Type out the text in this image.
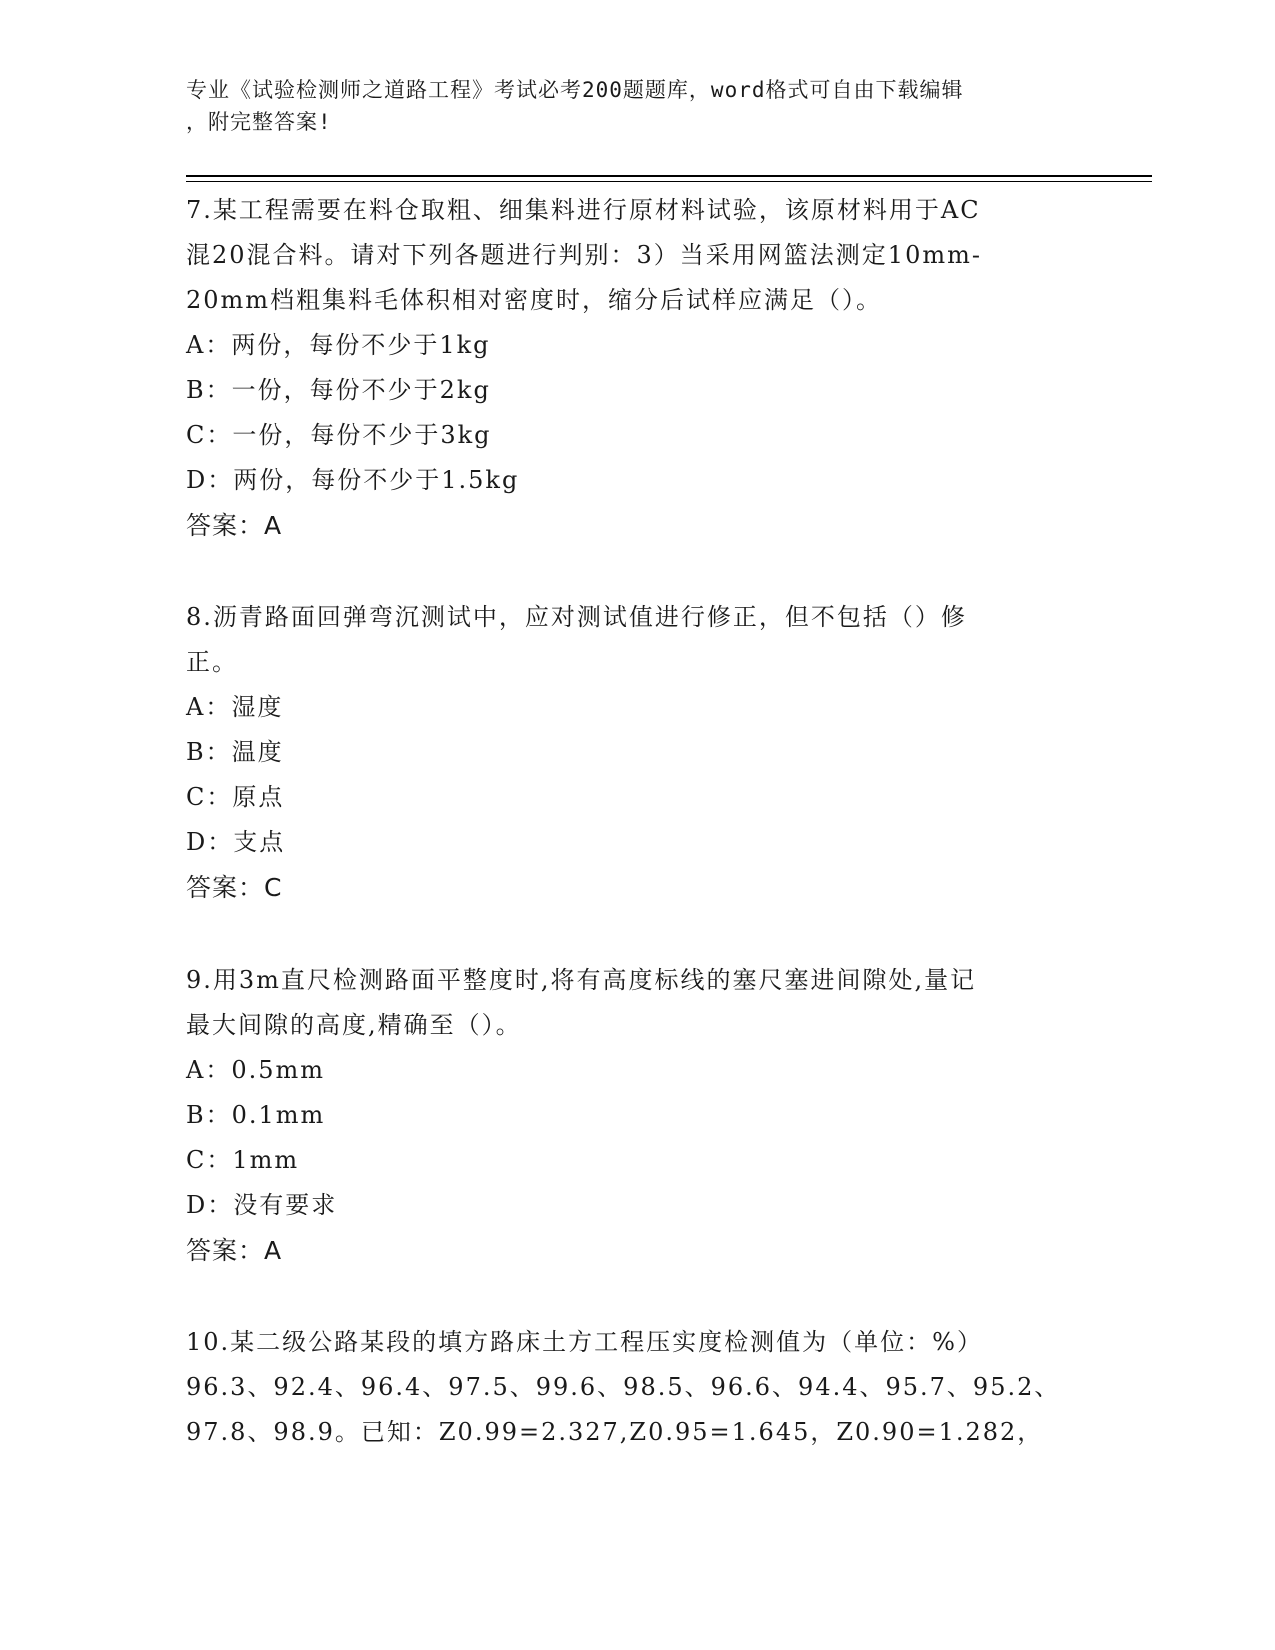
专业《试验检测师之道路工程》考试必考200题题库，word格式可自由下载编辑
，附完整答案!

7.某工程需要在料仓取粗、细集料进行原材料试验，该原材料用于AC

混20混合料。请对下列各题进行判别：3）当采用网篮法测定10mm-

20mm档粗集料毛体积相对密度时，缩分后试样应满足（）。

A：两份，每份不少于1kg

B：一份，每份不少于2kg

C：一份，每份不少于3kg

D：两份，每份不少于1.5kg

答案：A

8.沥青路面回弹弯沉测试中，应对测试值进行修正，但不包括（）修

正。

A：湿度

B：温度

C：原点

D：支点

答案：C

9.用3m直尺检测路面平整度时,将有高度标线的塞尺塞进间隙处,量记

最大间隙的高度,精确至（）。

A：0.5mm

B：0.1mm

C：1mm

D：没有要求

答案：A

10.某二级公路某段的填方路床土方工程压实度检测值为（单位：%）

96.3、92.4、96.4、97.5、99.6、98.5、96.6、94.4、95.7、95.2、

97.8、98.9。已知：Z0.99=2.327,Z0.95=1.645，Z0.90=1.282，
